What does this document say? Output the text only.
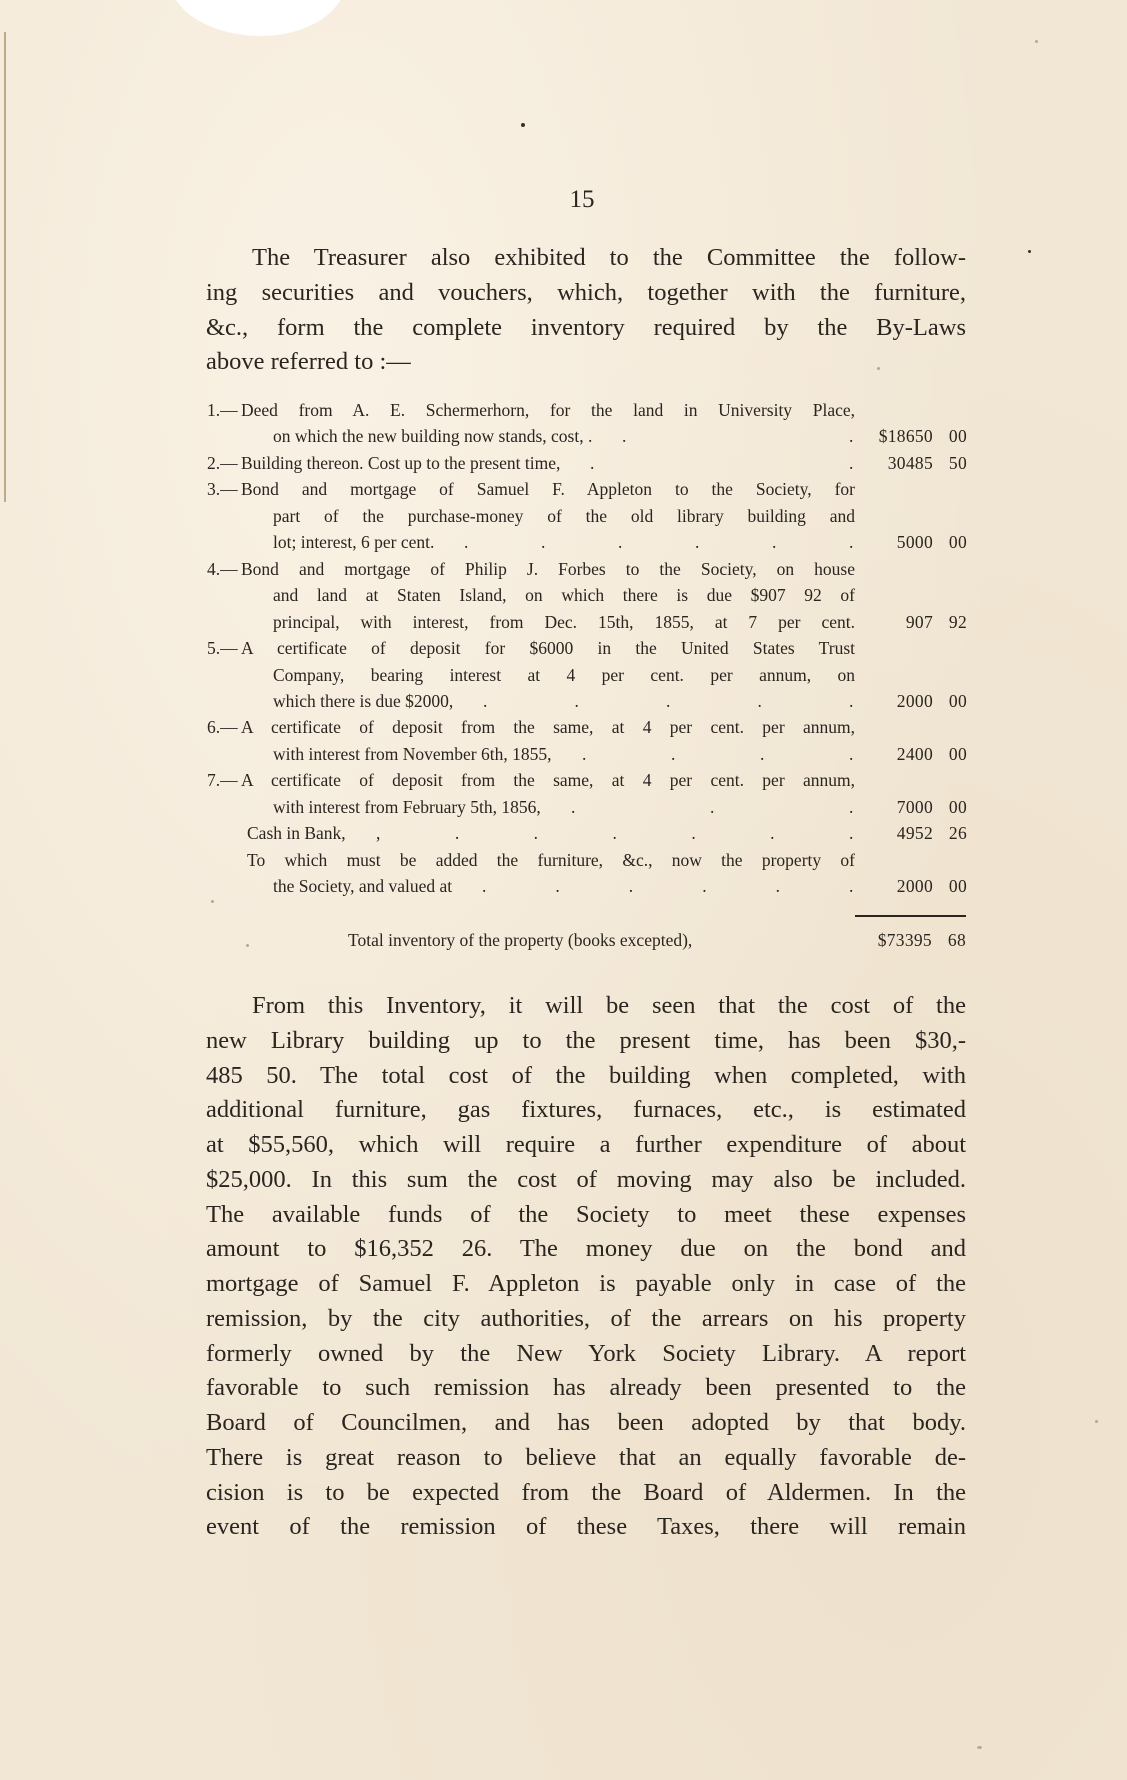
15
The Treasurer also exhibited to the Committee the follow-
ing securities and vouchers, which, together with the furniture,
&c., form the complete inventory required by the By-Laws
above referred to :—
1.— Deed from A. E. Schermerhorn, for the land in University Place,
on which the new building now stands, cost, . .	.	$18650 00
2.— Building thereon. Cost up to the present time, .	.	30485 50
3.— Bond and mortgage of Samuel F. Appleton to the Society, for
part of the purchase-money of the old library building and
lot; interest, 6 per cent. .	.	.	.	.	.	5000 00
4.— Bond and mortgage of Philip J. Forbes to the Society, on house
and land at Staten Island, on which there is due $907 92 of
principal, with interest, from Dec. 15th, 1855, at 7 per cent.	907 92
5.— A certificate of deposit for $6000 in the United States Trust
Company, bearing interest at 4 per cent. per annum, on
which there is due $2000, .	.	.	.	.	2000 00
6.— A certificate of deposit from the same, at 4 per cent. per annum,
with interest from November 6th, 1855, .	.	.	.	2400 00
7.— A certificate of deposit from the same, at 4 per cent. per annum,
with interest from February 5th, 1856, .	.	.	7000 00
Cash in Bank, ,	.	.	.	.	.	.	4952 26
To which must be added the furniture, &c., now the property of
the Society, and valued at .	.	.	.	.	.	2000 00
Total inventory of the property (books excepted),	$73395 68
From this Inventory, it will be seen that the cost of the
new Library building up to the present time, has been $30,-
485 50. The total cost of the building when completed, with
additional furniture, gas fixtures, furnaces, etc., is estimated
at $55,560, which will require a further expenditure of about
$25,000. In this sum the cost of moving may also be included.
The available funds of the Society to meet these expenses
amount to $16,352 26. The money due on the bond and
mortgage of Samuel F. Appleton is payable only in case of the
remission, by the city authorities, of the arrears on his property
formerly owned by the New York Society Library. A report
favorable to such remission has already been presented to the
Board of Councilmen, and has been adopted by that body.
There is great reason to believe that an equally favorable de-
cision is to be expected from the Board of Aldermen. In the
event of the remission of these Taxes, there will remain
